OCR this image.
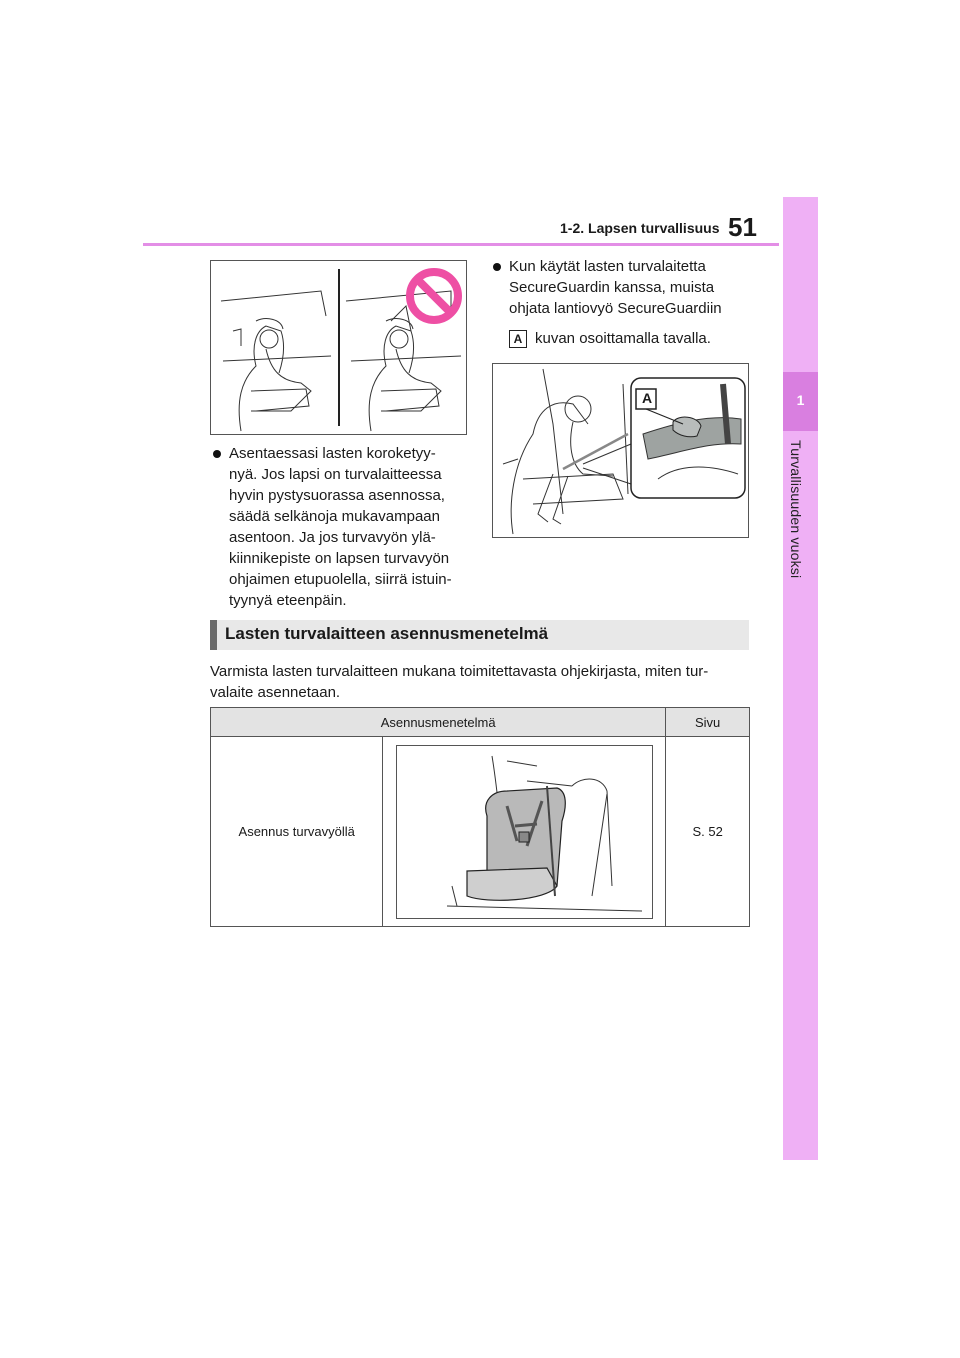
1-2. Lapsen turvallisuus 51
1
Turvallisuuden vuoksi
Asentaessasi lasten koroketyy-
nyä. Jos lapsi on turvalaitteessa
hyvin pystysuorassa asennossa,
säädä selkänoja mukavampaan
asentoon. Ja jos turvavyön ylä-
kiinnikepiste on lapsen turvavyön
ohjaimen etupuolella, siirrä istuin-
tyynyä eteenpäin.
Kun käytät lasten turvalaitetta
SecureGuardin kanssa, muista
ohjata lantiovyö SecureGuardiin
A kuvan osoittamalla tavalla.
A
Lasten turvalaitteen asennusmenetelmä
Varmista lasten turvalaitteen mukana toimitettavasta ohjekirjasta, miten tur-
valaite asennetaan.
Asennusmenetelmä		Sivu
Asennus turvavyöllä		S. 52
